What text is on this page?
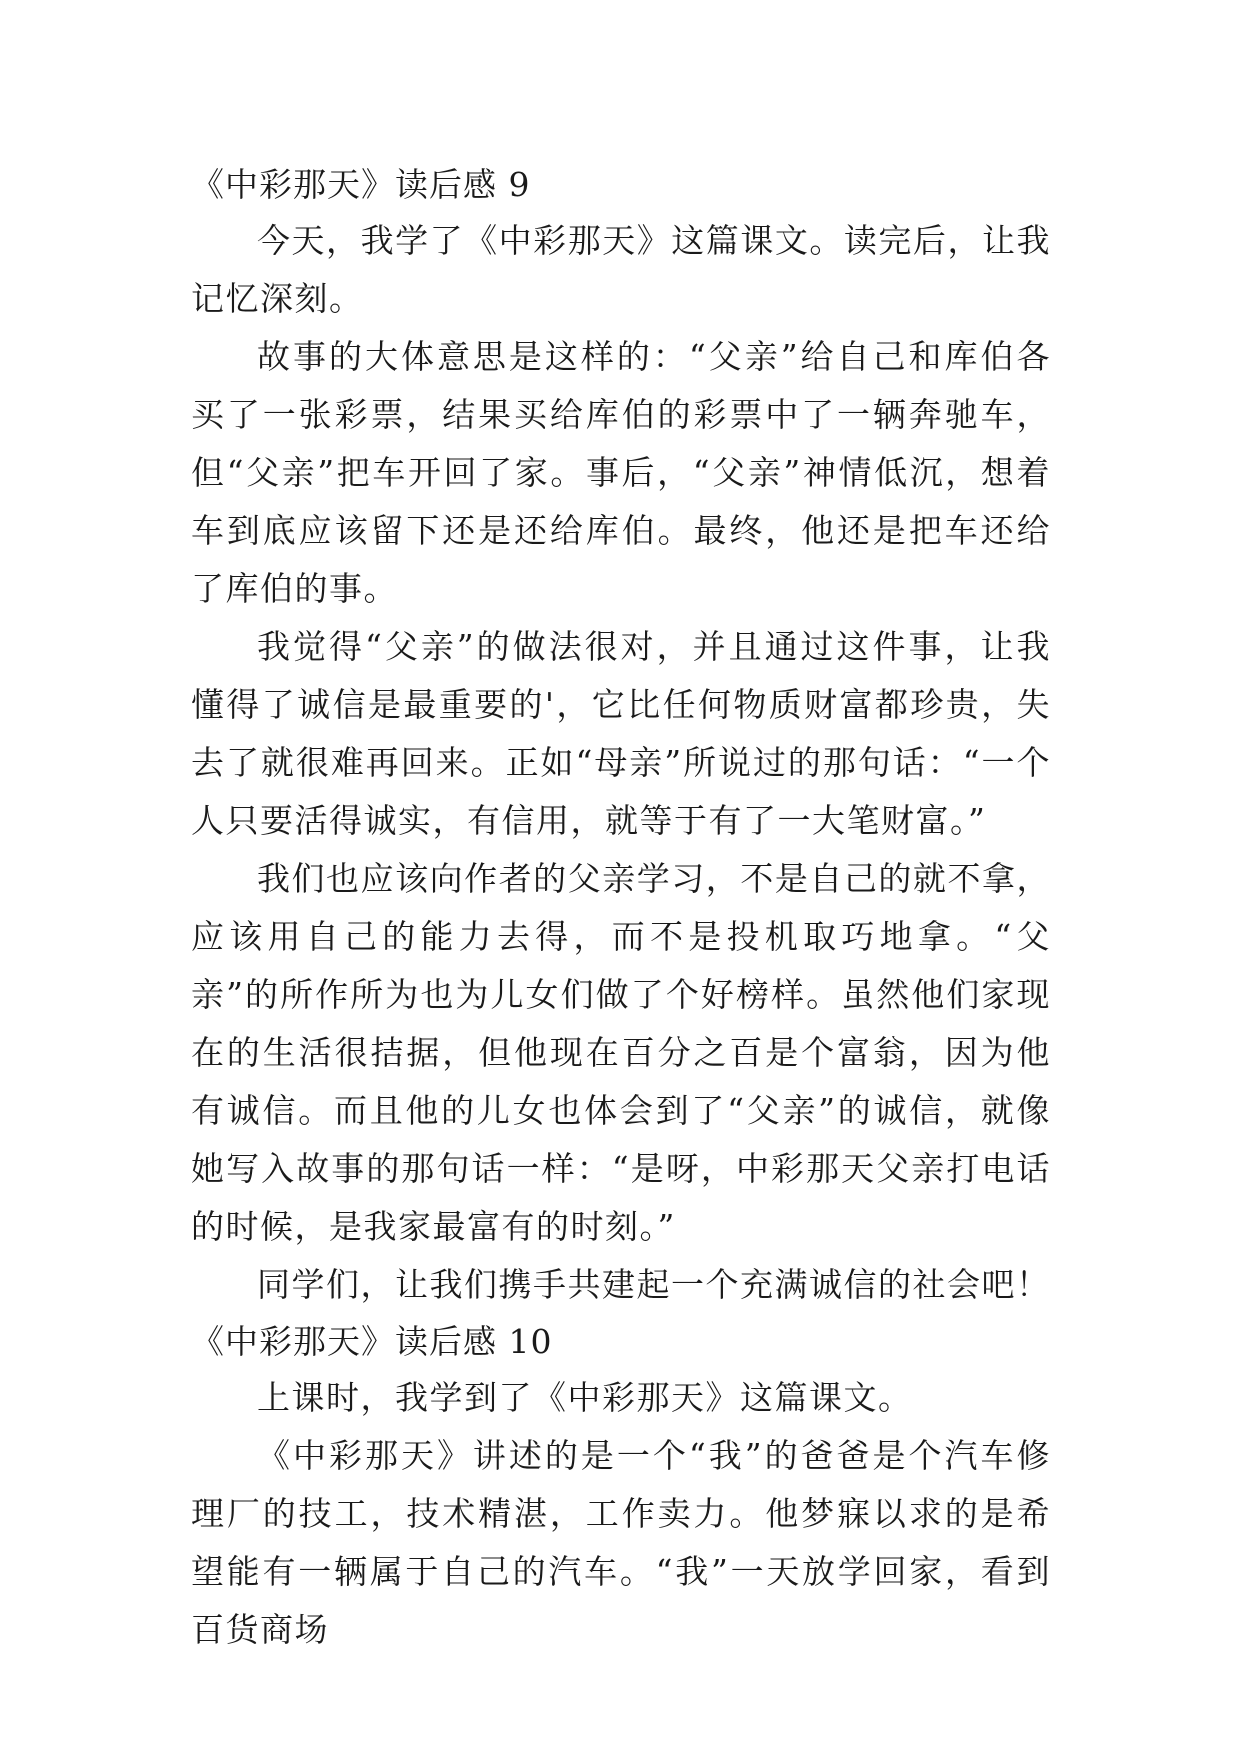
《中彩那天》读后感 9

今天，我学了《中彩那天》这篇课文。读完后，让我记忆深刻。

故事的大体意思是这样的：“父亲”给自己和库伯各买了一张彩票，结果买给库伯的彩票中了一辆奔驰车，但“父亲”把车开回了家。事后，“父亲”神情低沉，想着车到底应该留下还是还给库伯。最终，他还是把车还给了库伯的事。

我觉得“父亲”的做法很对，并且通过这件事，让我懂得了诚信是最重要的'，它比任何物质财富都珍贵，失去了就很难再回来。正如“母亲”所说过的那句话：“一个人只要活得诚实，有信用，就等于有了一大笔财富。”

我们也应该向作者的父亲学习，不是自己的就不拿，应该用自己的能力去得，而不是投机取巧地拿。“父亲”的所作所为也为儿女们做了个好榜样。虽然他们家现在的生活很拮据，但他现在百分之百是个富翁，因为他有诚信。而且他的儿女也体会到了“父亲”的诚信，就像她写入故事的那句话一样：“是呀，中彩那天父亲打电话的时候，是我家最富有的时刻。”

同学们，让我们携手共建起一个充满诚信的社会吧！

《中彩那天》读后感 10

上课时，我学到了《中彩那天》这篇课文。

《中彩那天》讲述的是一个“我”的爸爸是个汽车修理厂的技工，技术精湛，工作卖力。他梦寐以求的是希望能有一辆属于自己的汽车。“我”一天放学回家，看到百货商场
